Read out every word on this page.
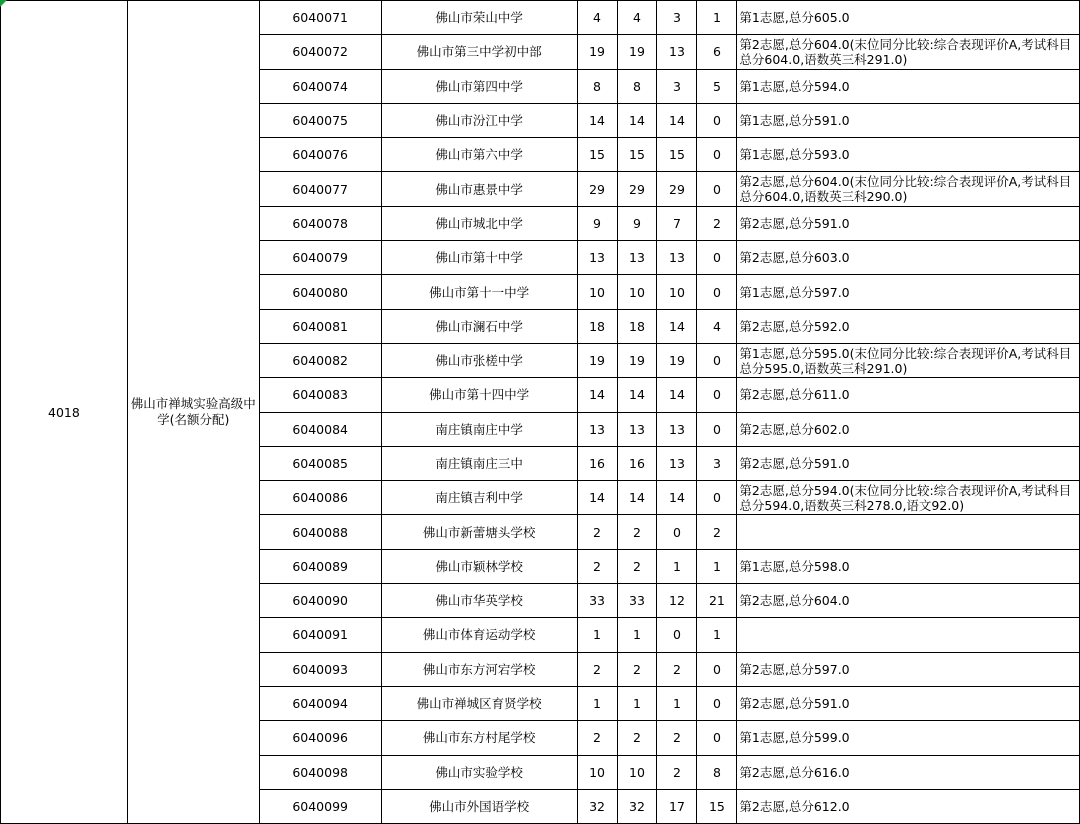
4018	佛山市禅城实验高级中学(名额分配)	6040071	佛山市荣山中学	4	4	3	1	第1志愿,总分605.0
		6040072	佛山市第三中学初中部	19	19	13	6	第2志愿,总分604.0(末位同分比较:综合表现评价A,考试科目总分604.0,语数英三科291.0)
		6040074	佛山市第四中学	8	8	3	5	第1志愿,总分594.0
		6040075	佛山市汾江中学	14	14	14	0	第1志愿,总分591.0
		6040076	佛山市第六中学	15	15	15	0	第1志愿,总分593.0
		6040077	佛山市惠景中学	29	29	29	0	第2志愿,总分604.0(末位同分比较:综合表现评价A,考试科目总分604.0,语数英三科290.0)
		6040078	佛山市城北中学	9	9	7	2	第2志愿,总分591.0
		6040079	佛山市第十中学	13	13	13	0	第2志愿,总分603.0
		6040080	佛山市第十一中学	10	10	10	0	第1志愿,总分597.0
		6040081	佛山市澜石中学	18	18	14	4	第2志愿,总分592.0
		6040082	佛山市张槎中学	19	19	19	0	第1志愿,总分595.0(末位同分比较:综合表现评价A,考试科目总分595.0,语数英三科291.0)
		6040083	佛山市第十四中学	14	14	14	0	第2志愿,总分611.0
		6040084	南庄镇南庄中学	13	13	13	0	第2志愿,总分602.0
		6040085	南庄镇南庄三中	16	16	13	3	第2志愿,总分591.0
		6040086	南庄镇吉利中学	14	14	14	0	第2志愿,总分594.0(末位同分比较:综合表现评价A,考试科目总分594.0,语数英三科278.0,语文92.0)
		6040088	佛山市新蕾塘头学校	2	2	0	2	
		6040089	佛山市颖林学校	2	2	1	1	第1志愿,总分598.0
		6040090	佛山市华英学校	33	33	12	21	第2志愿,总分604.0
		6040091	佛山市体育运动学校	1	1	0	1	
		6040093	佛山市东方河宕学校	2	2	2	0	第2志愿,总分597.0
		6040094	佛山市禅城区育贤学校	1	1	1	0	第2志愿,总分591.0
		6040096	佛山市东方村尾学校	2	2	2	0	第1志愿,总分599.0
		6040098	佛山市实验学校	10	10	2	8	第2志愿,总分616.0
		6040099	佛山市外国语学校	32	32	17	15	第2志愿,总分612.0
